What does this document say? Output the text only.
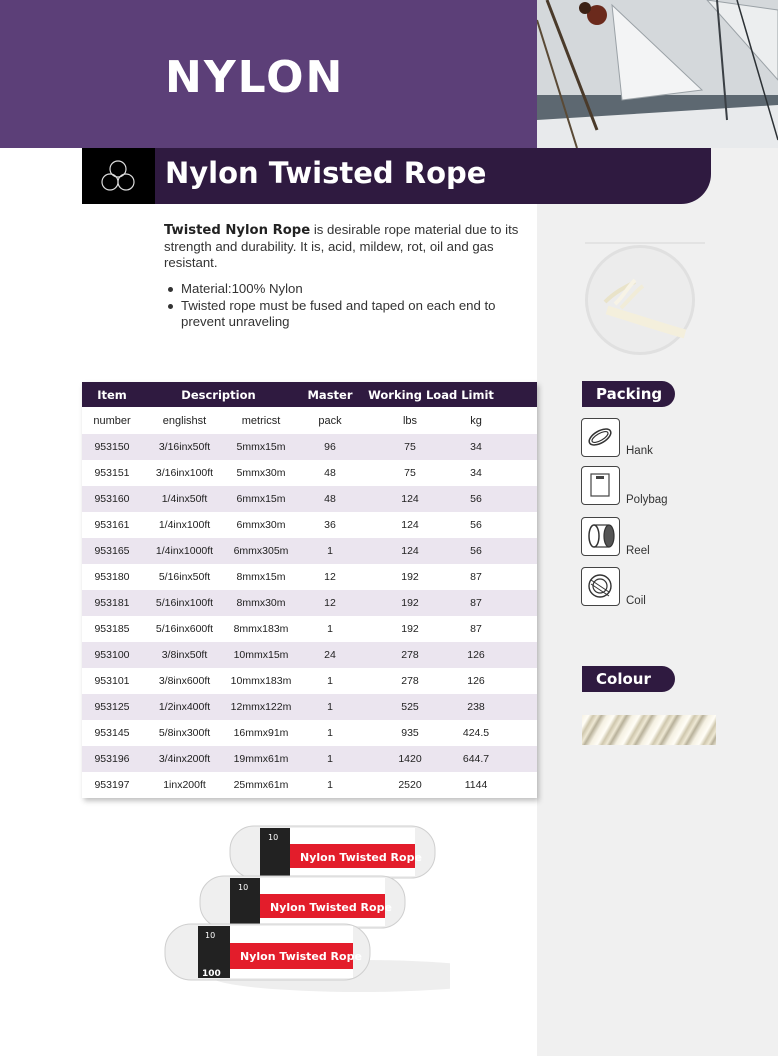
NYLON
Nylon Twisted Rope
Twisted Nylon Rope is desirable rope material due to its strength and durability. It is, acid, mildew, rot, oil and gas resistant.
Material:100% Nylon
Twisted rope must be fused and taped on each end to prevent unraveling
Item	Description	Master	Working Load Limit
number	englishst	metricst	pack	lbs	kg
953150	3/16inx50ft	5mmx15m	96	75	34
953151	3/16inx100ft	5mmx30m	48	75	34
953160	1/4inx50ft	6mmx15m	48	124	56
953161	1/4inx100ft	6mmx30m	36	124	56
953165	1/4inx1000ft	6mmx305m	1	124	56
953180	5/16inx50ft	8mmx15m	12	192	87
953181	5/16inx100ft	8mmx30m	12	192	87
953185	5/16inx600ft	8mmx183m	1	192	87
953100	3/8inx50ft	10mmx15m	24	278	126
953101	3/8inx600ft	10mmx183m	1	278	126
953125	1/2inx400ft	12mmx122m	1	525	238
953145	5/8inx300ft	16mmx91m	1	935	424.5
953196	3/4inx200ft	19mmx61m	1	1420	644.7
953197	1inx200ft	25mmx61m	1	2520	1144
Packing
Hank
Polybag
Reel
Coil
Colour
Nylon Twisted Rope
10
Nylon Twisted Rope
10
Nylon Twisted Rope
10
100
